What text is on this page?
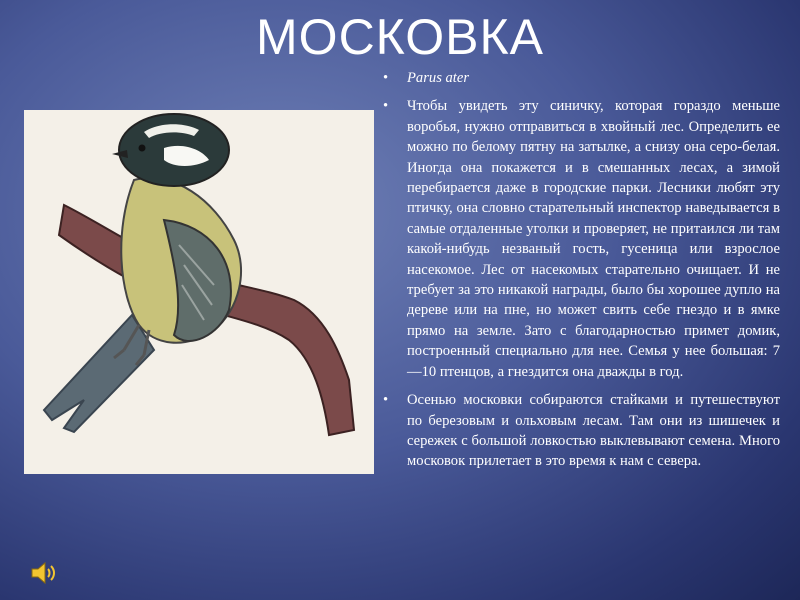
МОСКОВКА
• Parus ater
• Чтобы увидеть эту синичку, которая гораздо меньше воробья, нужно отправиться в хвойный лес. Определить ее можно по белому пятну на затылке, а снизу она серо-белая. Иногда она покажется и в смешанных лесах, а зимой перебирается даже в городские парки. Лесники любят эту птичку, она словно старательный инспектор наведывается в самые отдаленные уголки и проверяет, не притаился ли там какой-нибудь незваный гость, гусеница или взрослое насекомое. Лес от насекомых старательно очищает. И не требует за это никакой награды, было бы хорошее дупло на дереве или на пне, но может свить себе гнездо и в ямке прямо на земле. Зато с благодарностью примет домик, построенный специально для нее. Семья у нее большая: 7—10 птенцов, а гнездится она дважды в год.
• Осенью московки собираются стайками и путешествуют по березовым и ольховым лесам. Там они из шишечек и сережек с большой ловкостью выклевывают семена. Много московок прилетает в это время к нам с севера.
